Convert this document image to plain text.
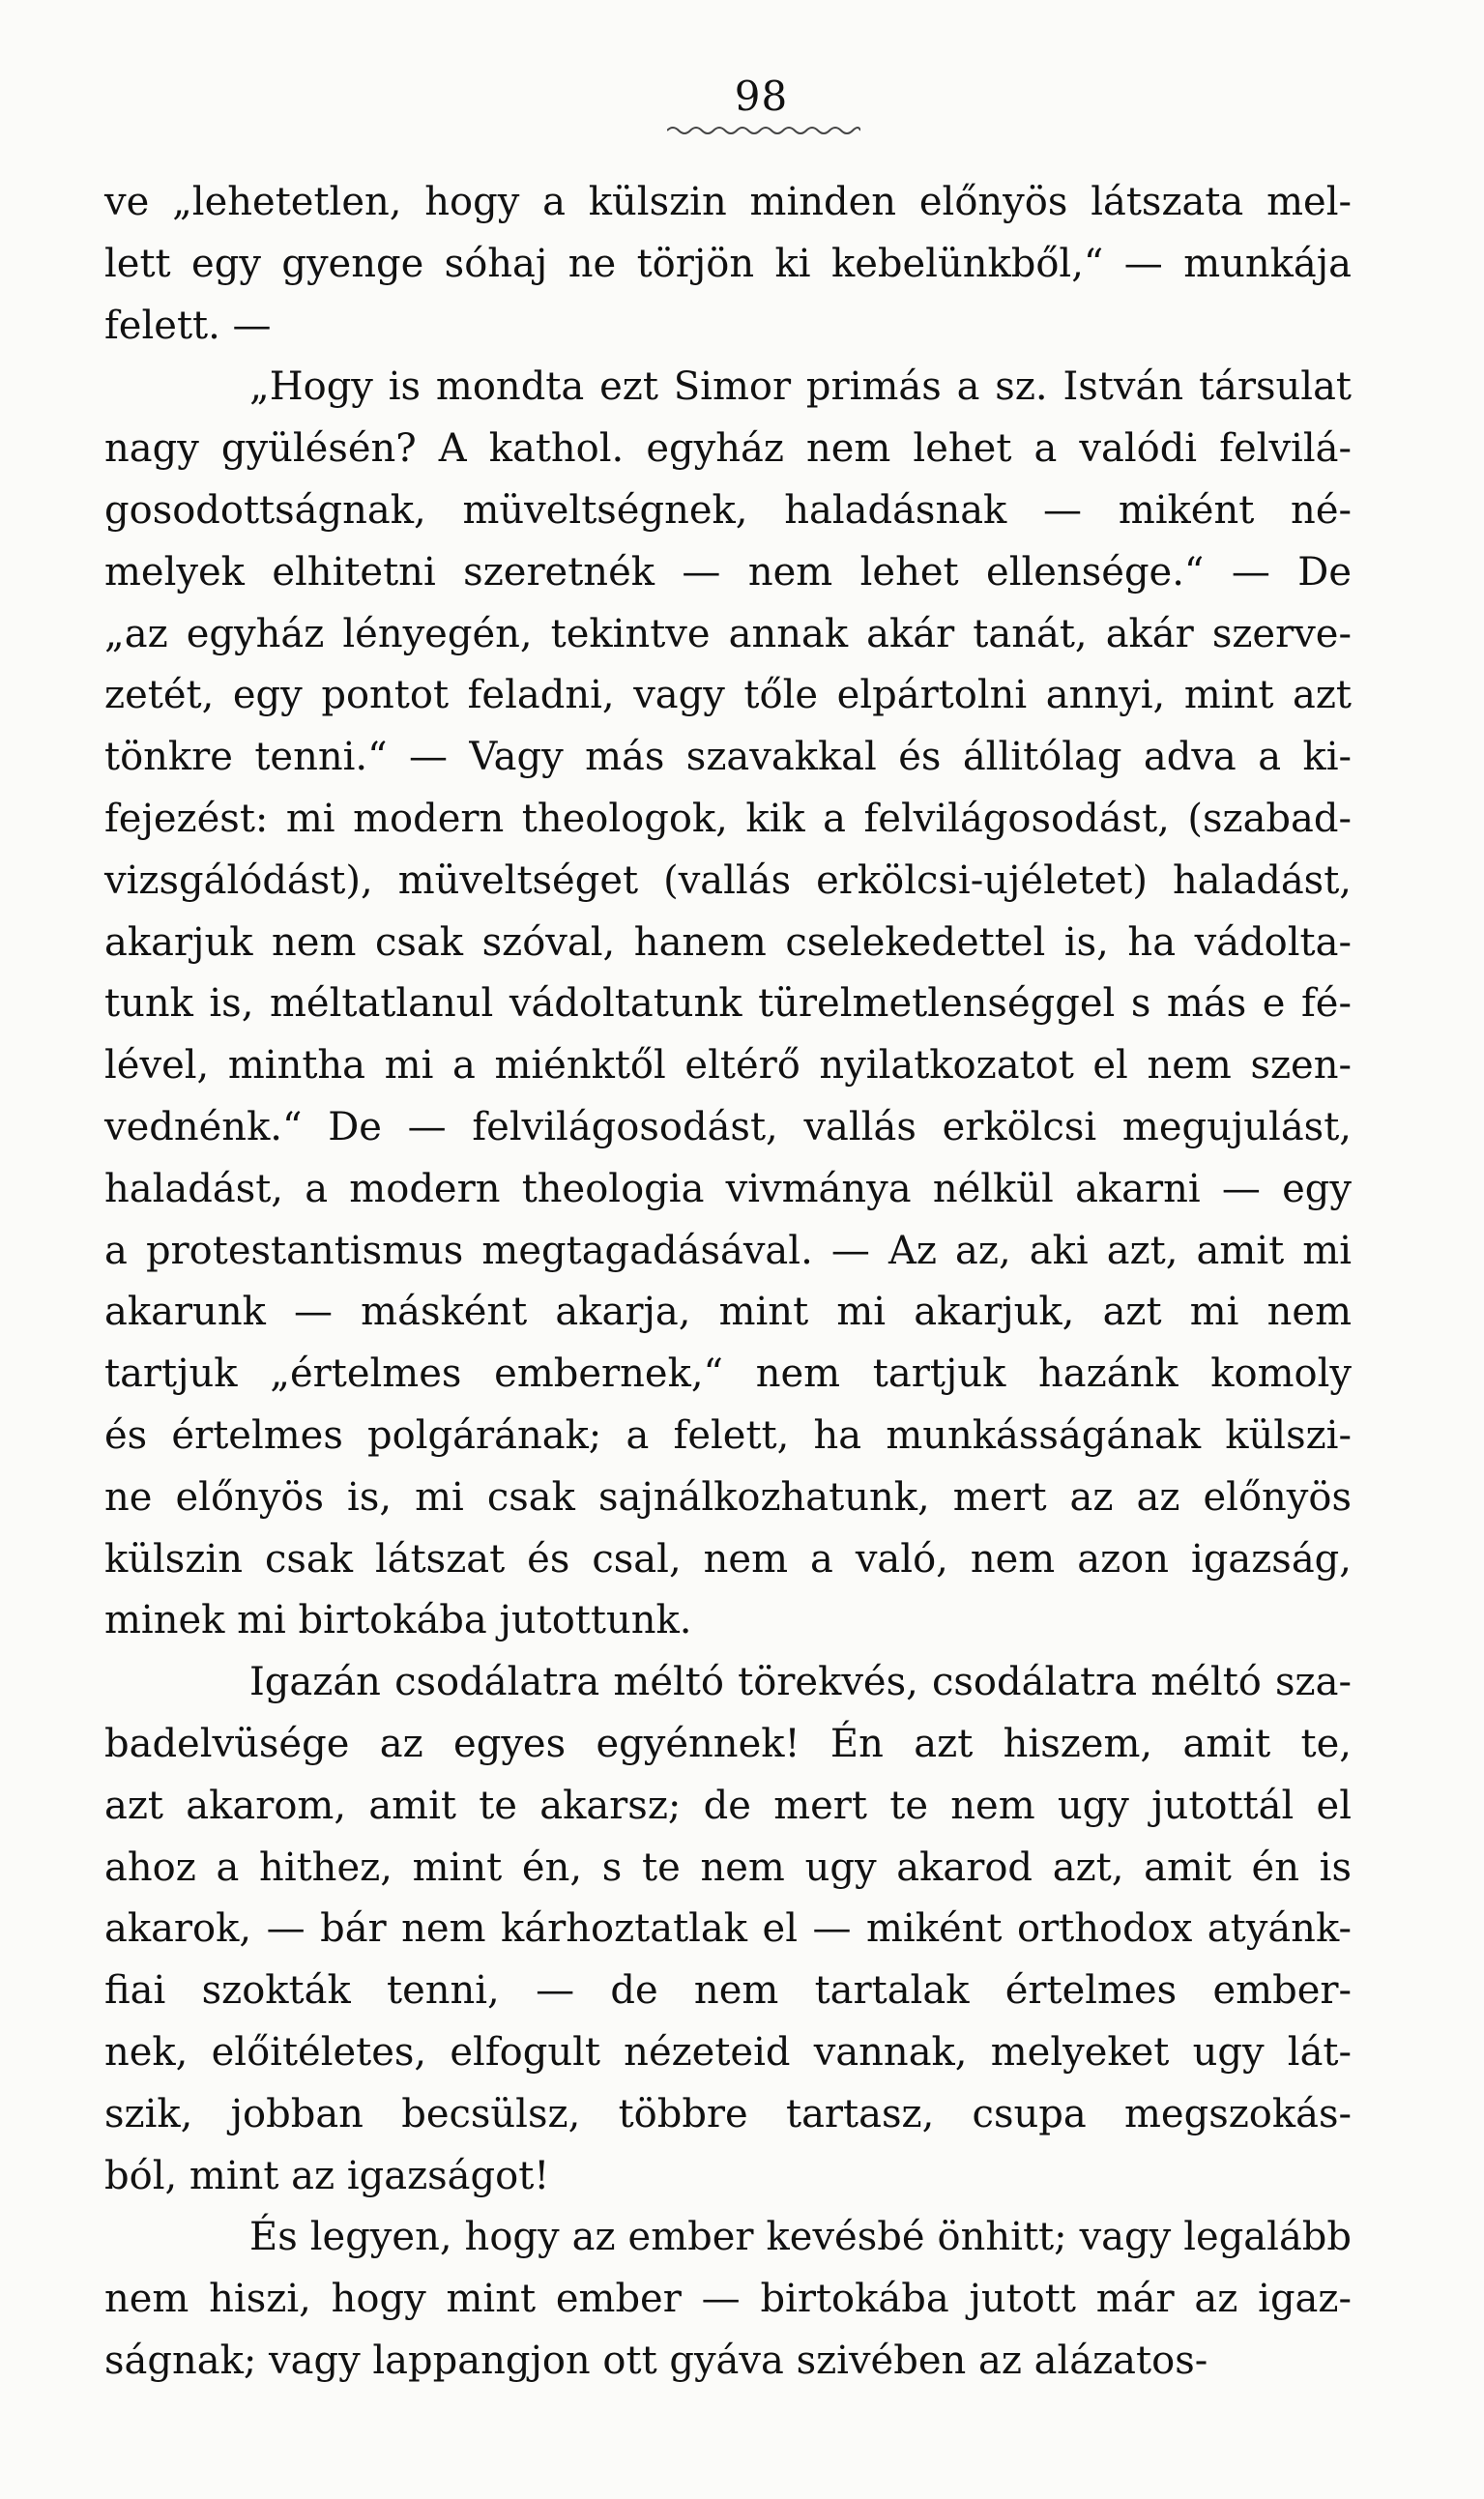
98
ve „lehetetlen, hogy a külszin minden előnyös látszata mel-
lett egy gyenge sóhaj ne törjön ki kebelünkből,“ — munkája
felett. —
„Hogy is mondta ezt Simor primás a sz. István társulat
nagy gyülésén? A kathol. egyház nem lehet a valódi felvilá-
gosodottságnak, müveltségnek, haladásnak — miként né-
melyek elhitetni szeretnék — nem lehet ellensége.“ — De
„az egyház lényegén, tekintve annak akár tanát, akár szerve-
zetét, egy pontot feladni, vagy tőle elpártolni annyi, mint azt
tönkre tenni.“ — Vagy más szavakkal és állitólag adva a ki-
fejezést: mi modern theologok, kik a felvilágosodást, (szabad-
vizsgálódást), müveltséget (vallás erkölcsi-ujéletet) haladást,
akarjuk nem csak szóval, hanem cselekedettel is, ha vádolta-
tunk is, méltatlanul vádoltatunk türelmetlenséggel s más e fé-
lével, mintha mi a miénktől eltérő nyilatkozatot el nem szen-
vednénk.“ De — felvilágosodást, vallás erkölcsi megujulást,
haladást, a modern theologia vivmánya nélkül akarni — egy
a protestantismus megtagadásával. — Az az, aki azt, amit mi
akarunk — másként akarja, mint mi akarjuk, azt mi nem
tartjuk „értelmes embernek,“ nem tartjuk hazánk komoly
és értelmes polgárának; a felett, ha munkásságának külszi-
ne előnyös is, mi csak sajnálkozhatunk, mert az az előnyös
külszin csak látszat és csal, nem a való, nem azon igazság,
minek mi birtokába jutottunk.
Igazán csodálatra méltó törekvés, csodálatra méltó sza-
badelvüsége az egyes egyénnek! Én azt hiszem, amit te,
azt akarom, amit te akarsz; de mert te nem ugy jutottál el
ahoz a hithez, mint én, s te nem ugy akarod azt, amit én is
akarok, — bár nem kárhoztatlak el — miként orthodox atyánk-
fiai szokták tenni, — de nem tartalak értelmes ember-
nek, előitéletes, elfogult nézeteid vannak, melyeket ugy lát-
szik, jobban becsülsz, többre tartasz, csupa megszokás-
ból, mint az igazságot!
És legyen, hogy az ember kevésbé önhitt; vagy legalább
nem hiszi, hogy mint ember — birtokába jutott már az igaz-
ságnak; vagy lappangjon ott gyáva szivében az alázatos-
